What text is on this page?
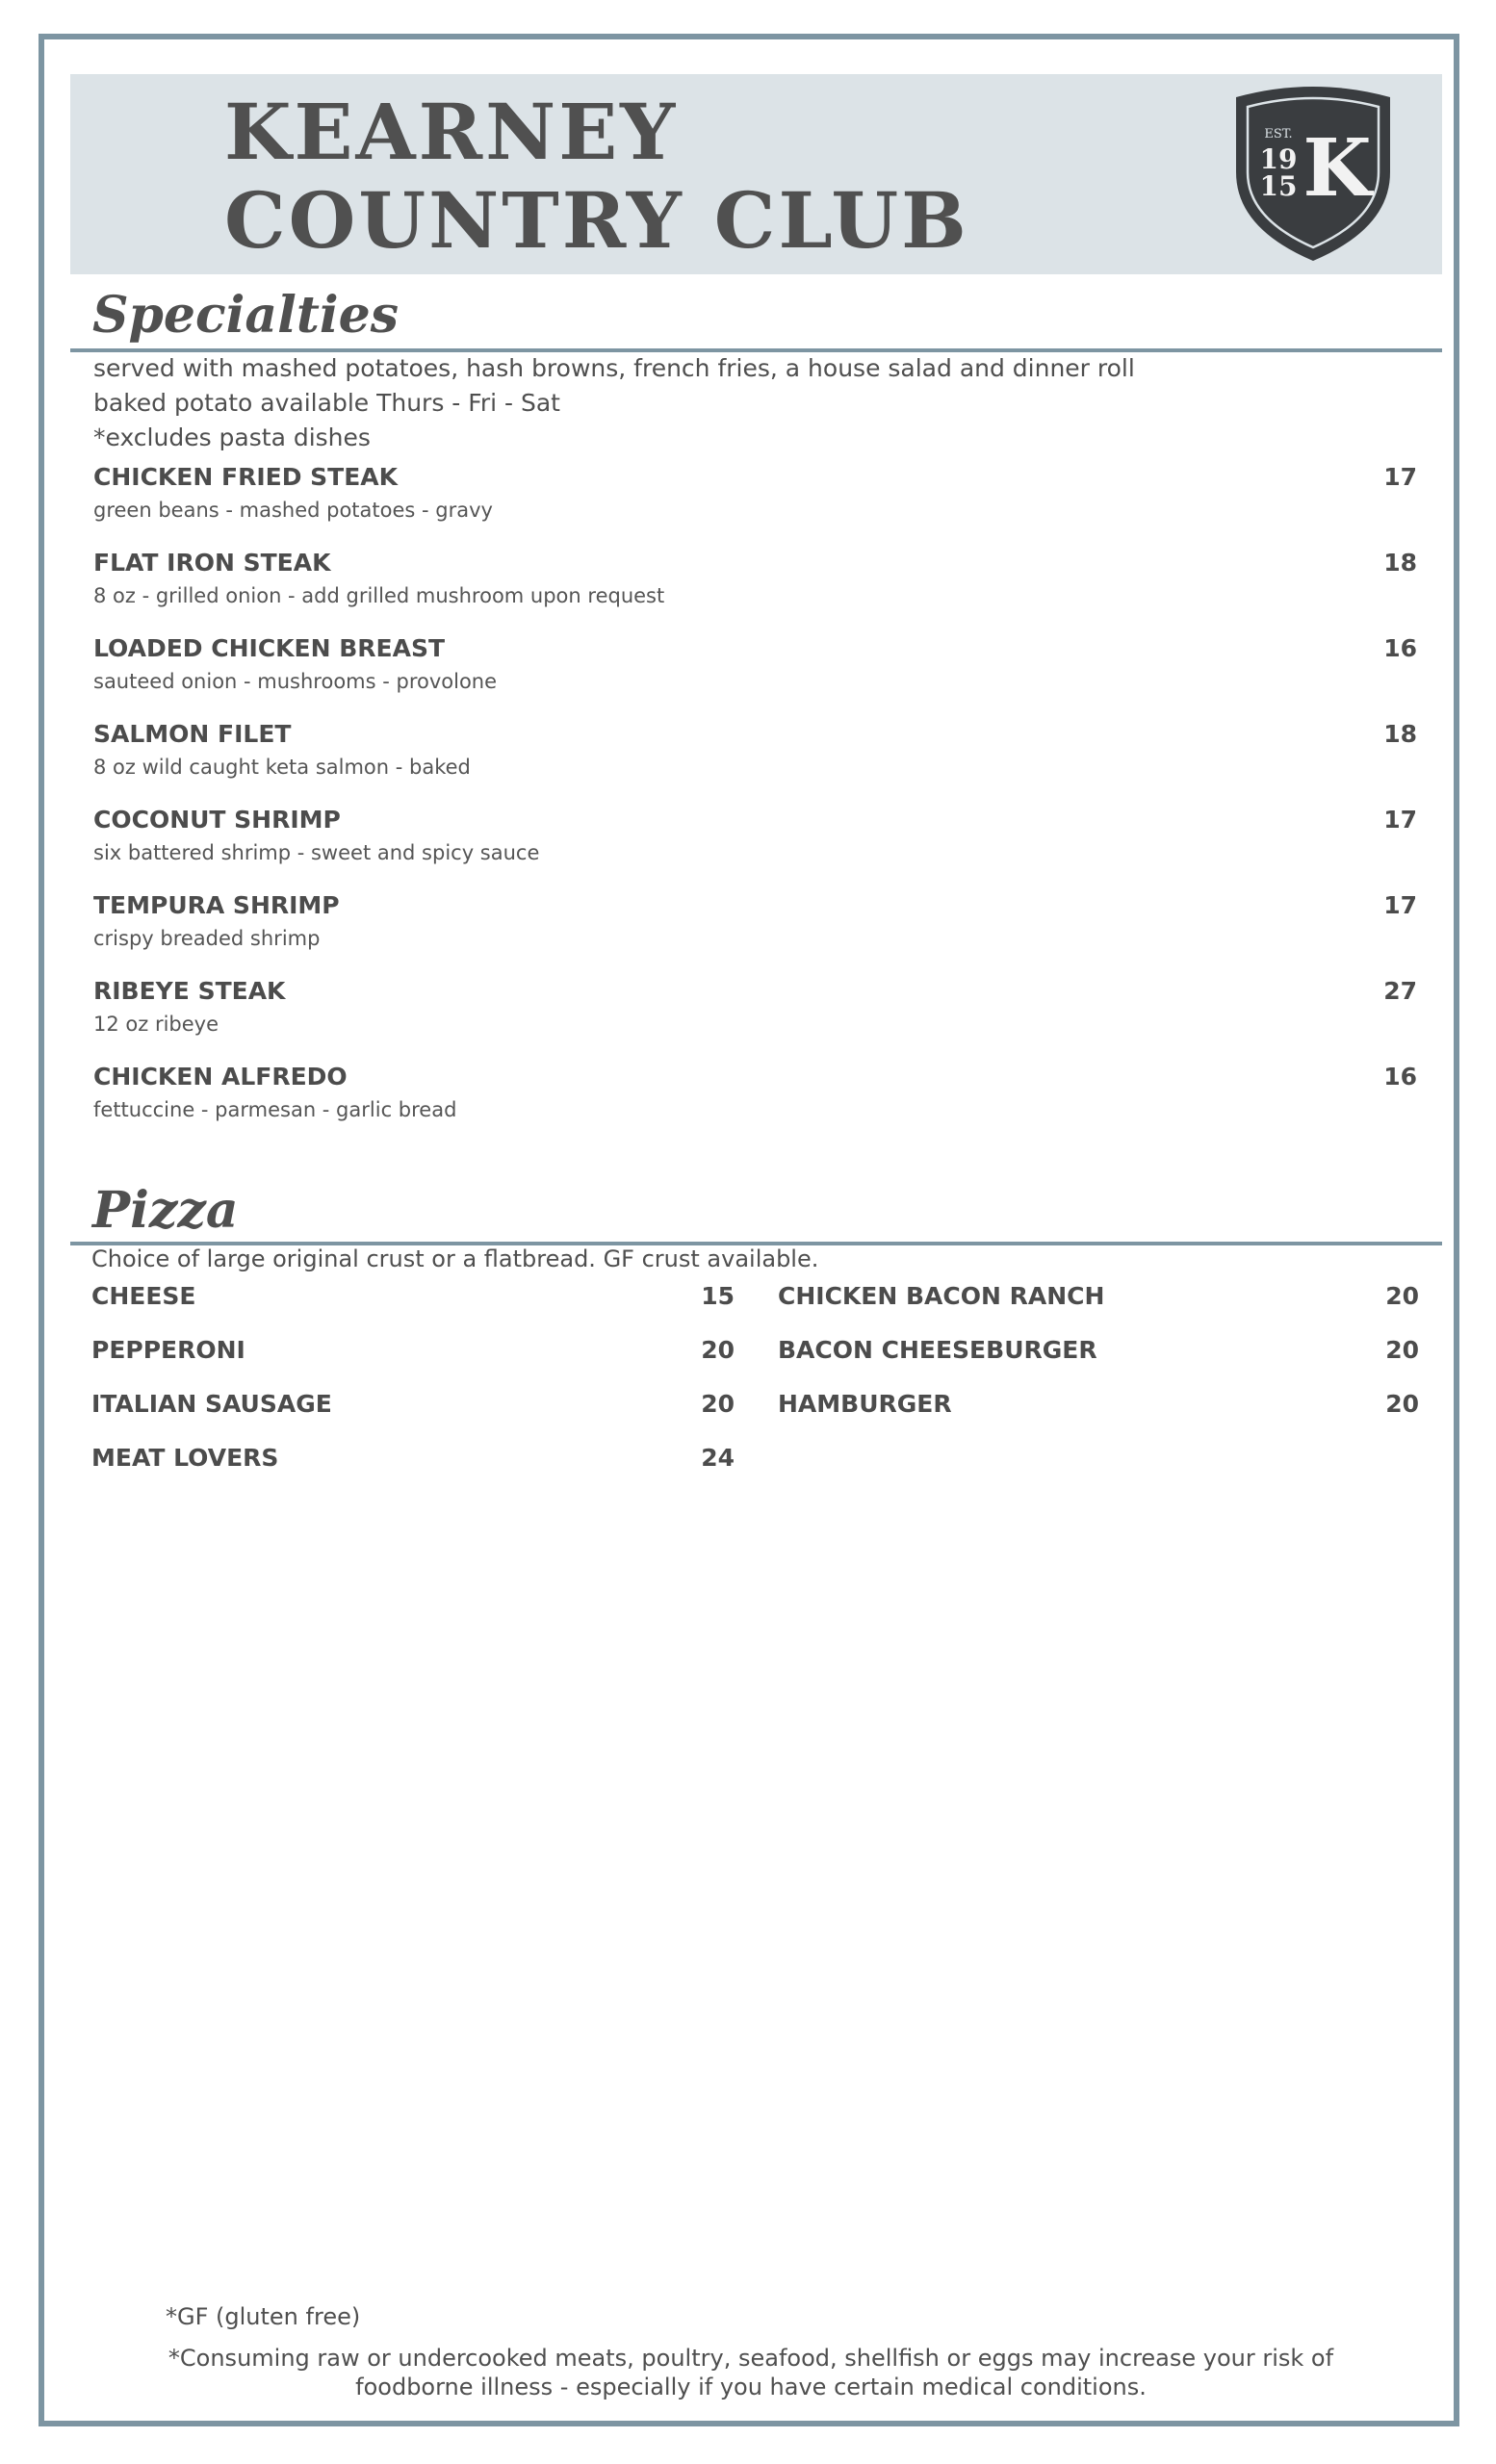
KEARNEY
COUNTRY CLUB
EST.
19
15 K
Specialties
served with mashed potatoes, hash browns, french fries, a house salad and dinner roll
baked potato available Thurs - Fri - Sat
*excludes pasta dishes
CHICKEN FRIED STEAK	17
green beans - mashed potatoes - gravy
FLAT IRON STEAK	18
8 oz - grilled onion - add grilled mushroom upon request
LOADED CHICKEN BREAST	16
sauteed onion - mushrooms - provolone
SALMON FILET	18
8 oz wild caught keta salmon - baked
COCONUT SHRIMP	17
six battered shrimp - sweet and spicy sauce
TEMPURA SHRIMP	17
crispy breaded shrimp
RIBEYE STEAK	27
12 oz ribeye
CHICKEN ALFREDO	16
fettuccine - parmesan - garlic bread
Pizza
Choice of large original crust or a flatbread. GF crust available.
CHEESE	15
PEPPERONI	20
ITALIAN SAUSAGE	20
MEAT LOVERS	24
CHICKEN BACON RANCH	20
BACON CHEESEBURGER	20
HAMBURGER	20
*GF (gluten free)
*Consuming raw or undercooked meats, poultry, seafood, shellfish or eggs may increase your risk of foodborne illness - especially if you have certain medical conditions.
